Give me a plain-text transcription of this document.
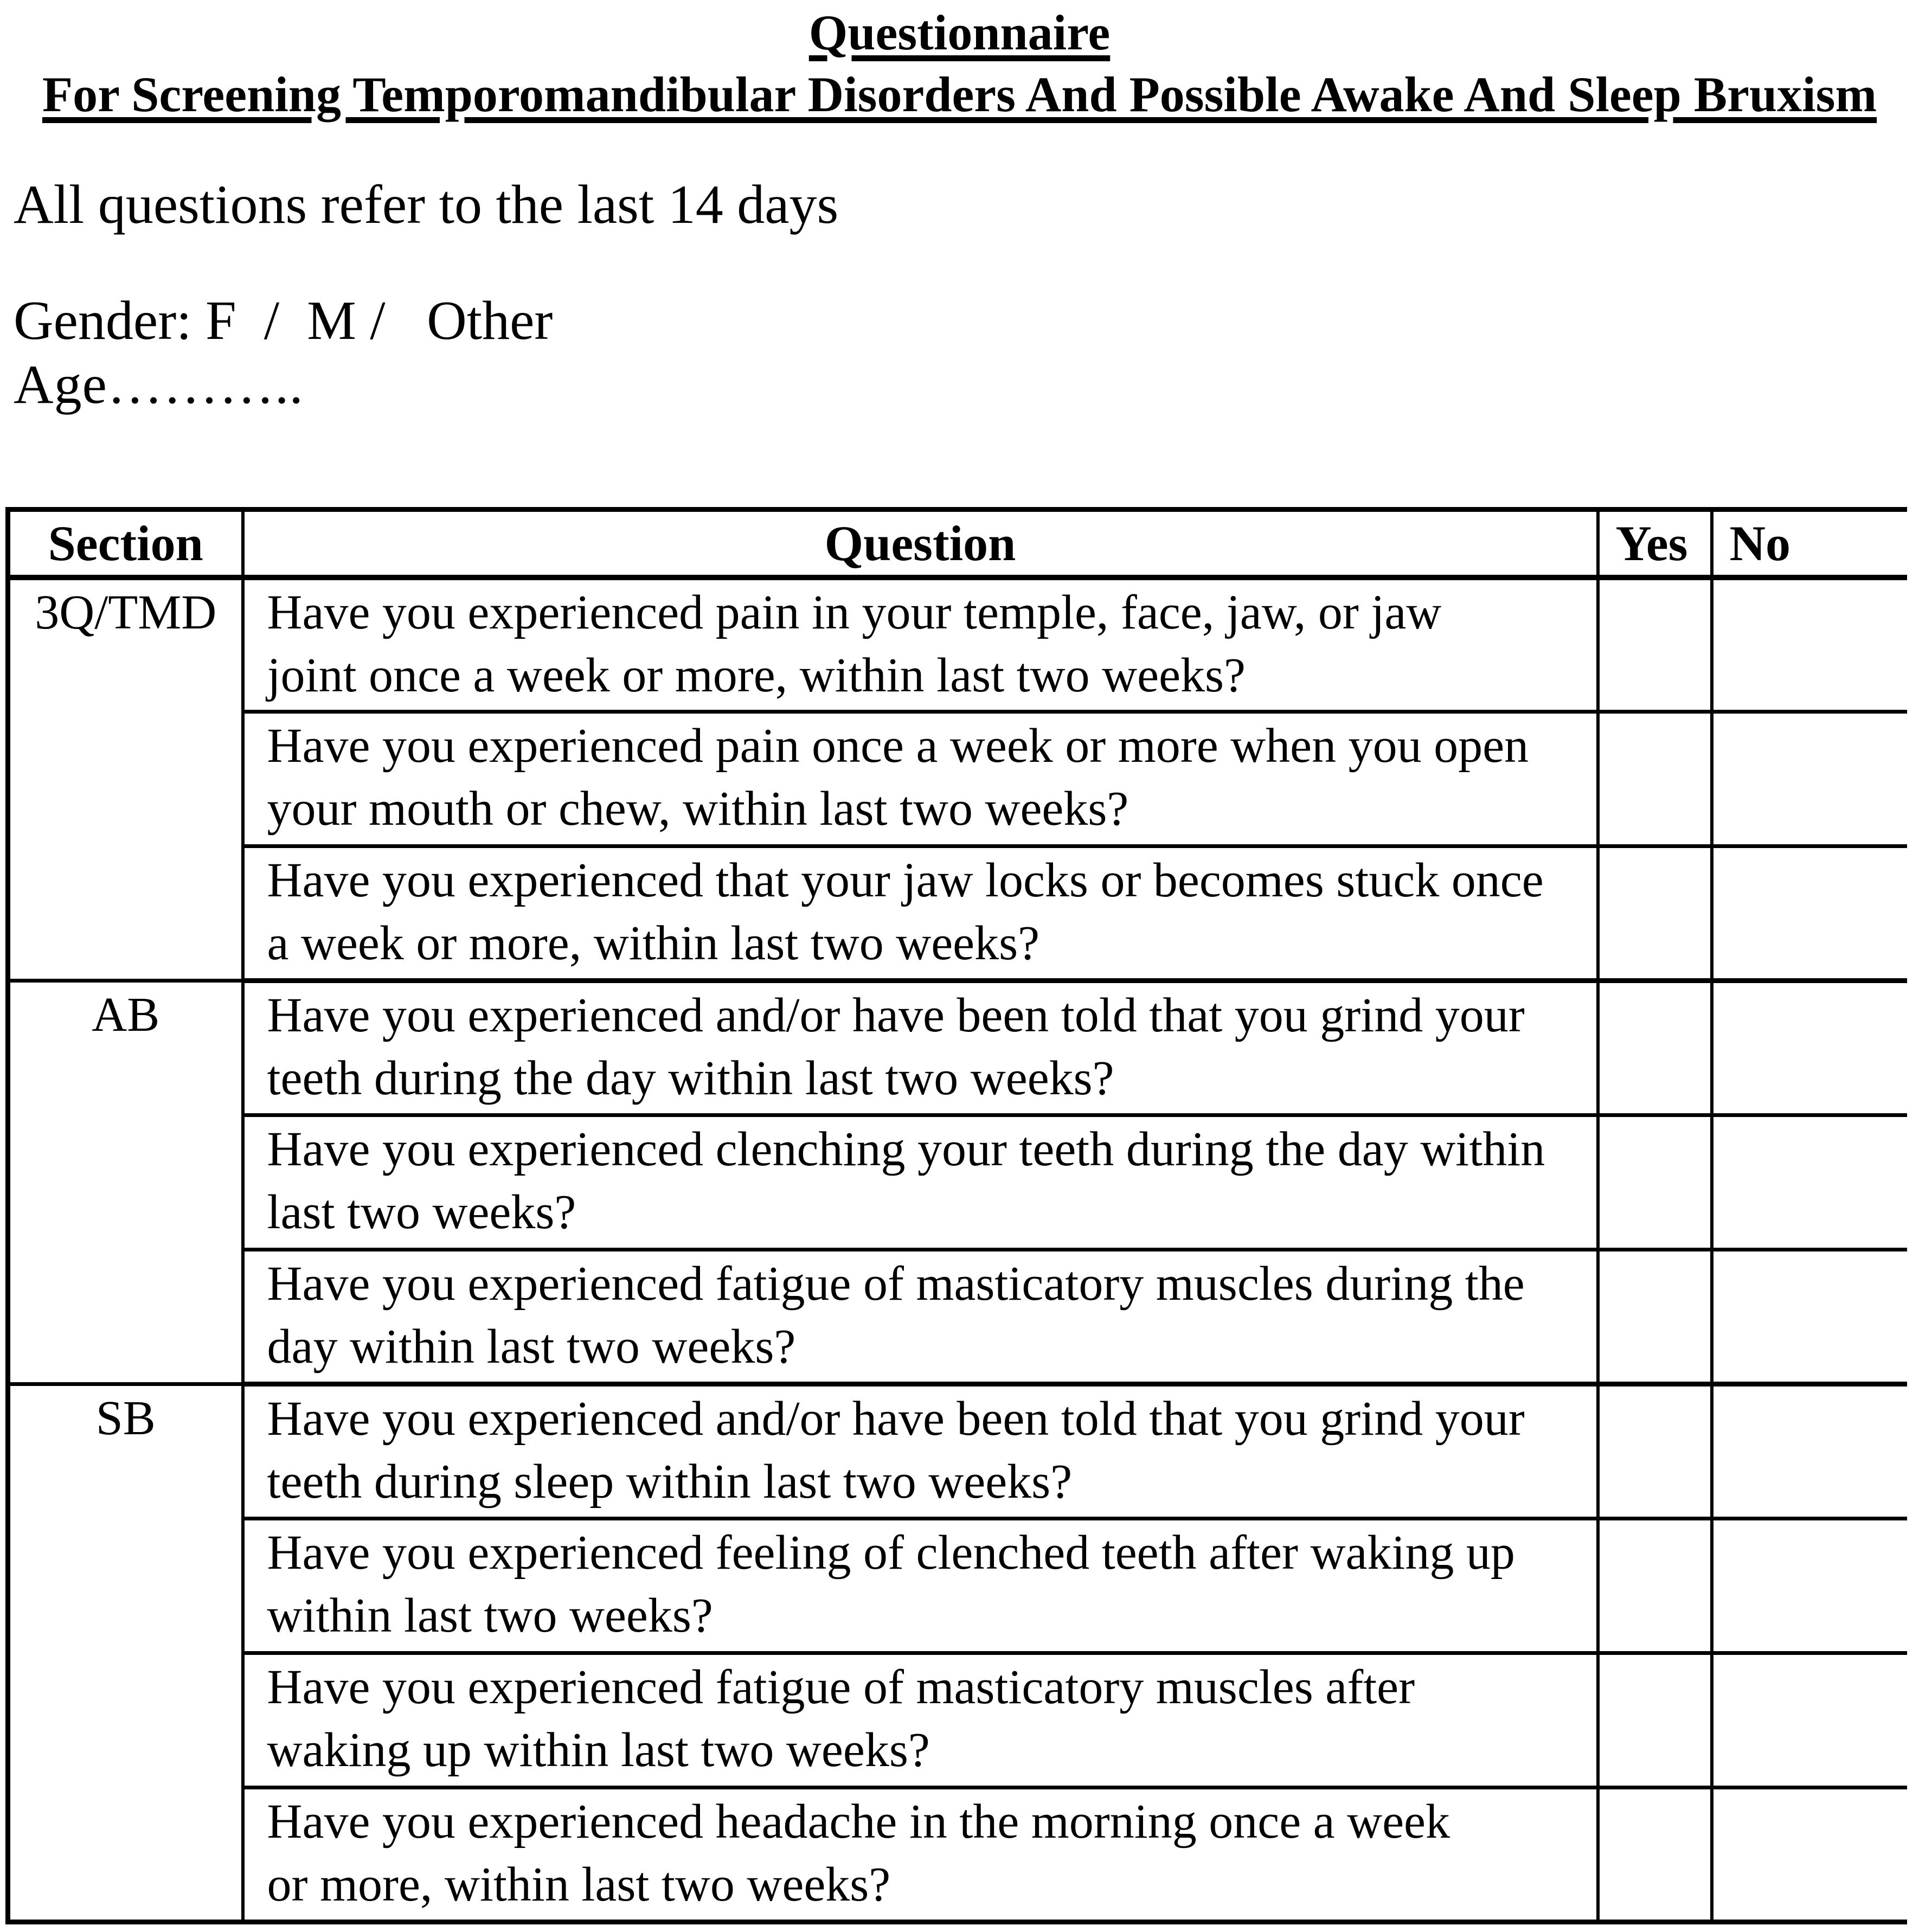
Questionnaire
For Screening Temporomandibular Disorders And Possible Awake And Sleep Bruxism
All questions refer to the last 14 days
Gender: F  /  M /   Other
Age………..
Section	Question	Yes	No
3Q/TMD	Have you experienced pain in your temple, face, jaw, or jaw
joint once a week or more, within last two weeks?		

	Have you experienced pain once a week or more when you open
your mouth or chew, within last two weeks?		

	Have you experienced that your jaw locks or becomes stuck once
a week or more, within last two weeks?		

AB	Have you experienced and/or have been told that you grind your
teeth during the day within last two weeks?		

	Have you experienced clenching your teeth during the day within
last two weeks?		

	Have you experienced fatigue of masticatory muscles during the
day within last two weeks?		

SB	Have you experienced and/or have been told that you grind your
teeth during sleep within last two weeks?		

	Have you experienced feeling of clenched teeth after waking up
within last two weeks?		

	Have you experienced fatigue of masticatory muscles after
waking up within last two weeks?		

	Have you experienced headache in the morning once a week
or more, within last two weeks?		
